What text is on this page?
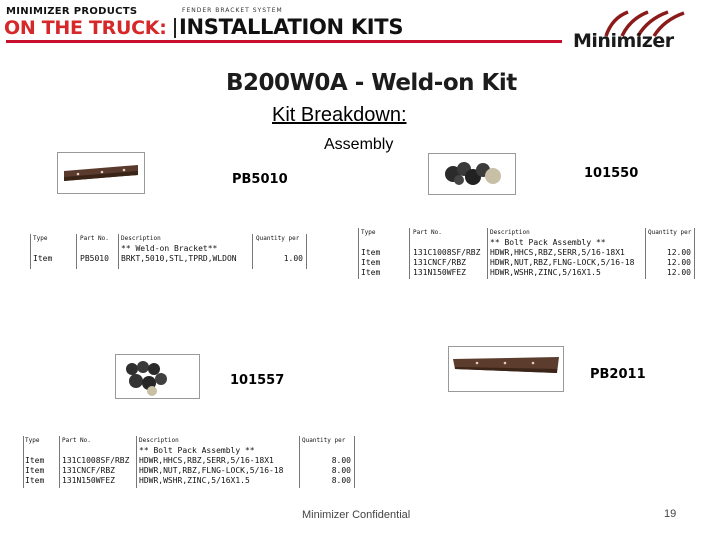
MINIMIZER PRODUCTS	FENDER BRACKET SYSTEM
ON THE TRUCK: INSTALLATION KITS
Minimizer
B200W0A - Weld-on Kit
Kit Breakdown:
Assembly
PB5010	101550
Type	Part No. Description	Quantity per
** Weld-on Bracket**
Item	PB5010 BRKT,5010,STL,TPRD,WLDON	1.00
Type	Part No.	Description	Quantity per
** Bolt Pack Assembly **
Item	131C1008SF/RBZ HDWR,HHCS,RBZ,SERR,5/16-18X1	12.00
Item	131CNCF/RBZ	HDWR,NUT,RBZ,FLNG-LOCK,5/16-18	12.00
Item	131N150WFEZ	HDWR,WSHR,ZINC,5/16X1.5	12.00
101557	PB2011
Type	Part No.	Description	Quantity per
** Bolt Pack Assembly **
Item 131C1008SF/RBZ HDWR,HHCS,RBZ,SERR,5/16-18X1	8.00
Item 131CNCF/RBZ	HDWR,NUT,RBZ,FLNG-LOCK,5/16-18	8.00
Item 131N150WFEZ	HDWR,WSHR,ZINC,5/16X1.5	8.00
Minimizer Confidential	19
